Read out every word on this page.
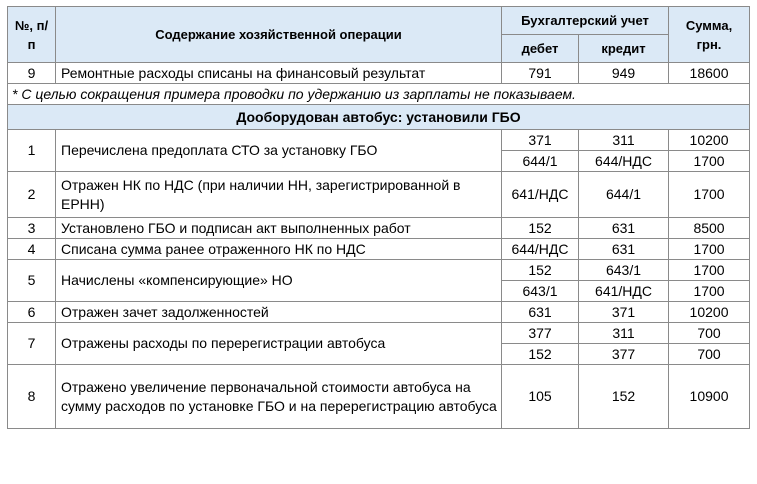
№, п/п	Содержание хозяйственной операции	Бухгалтерский учет		Сумма, грн.
		дебет	кредит	
9	Ремонтные расходы списаны на финансовый результат	791	949	18600
* С целью сокращения примера проводки по удержанию из зарплаты не показываем.				
Дооборудован автобус: установили ГБО				
1	Перечислена предоплата СТО за установку ГБО	371	311	10200
		644/1	644/НДС	1700
2	Отражен НК по НДС (при наличии НН, зарегистрированной в ЕРНН)	641/НДС	644/1	1700
3	Установлено ГБО и подписан акт выполненных работ	152	631	8500
4	Списана сумма ранее отраженного НК по НДС	644/НДС	631	1700
5	Начислены «компенсирующие» НО	152	643/1	1700
		643/1	641/НДС	1700
6	Отражен зачет задолженностей	631	371	10200
7	Отражены расходы по перерегистрации автобуса	377	311	700
		152	377	700
8	Отражено увеличение первоначальной стоимости автобуса на сумму расходов по установке ГБО и на перерегистрацию автобуса	105	152	10900
